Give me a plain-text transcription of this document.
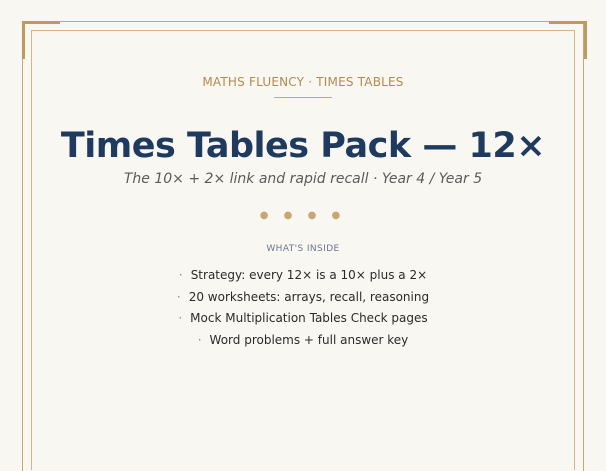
MATHS FLUENCY · TIMES TABLES
Times Tables Pack — 12×
The 10× + 2× link and rapid recall · Year 4 / Year 5
● ● ● ●
WHAT'S INSIDE
· Strategy: every 12× is a 10× plus a 2×
· 20 worksheets: arrays, recall, reasoning
· Mock Multiplication Tables Check pages
· Word problems + full answer key
